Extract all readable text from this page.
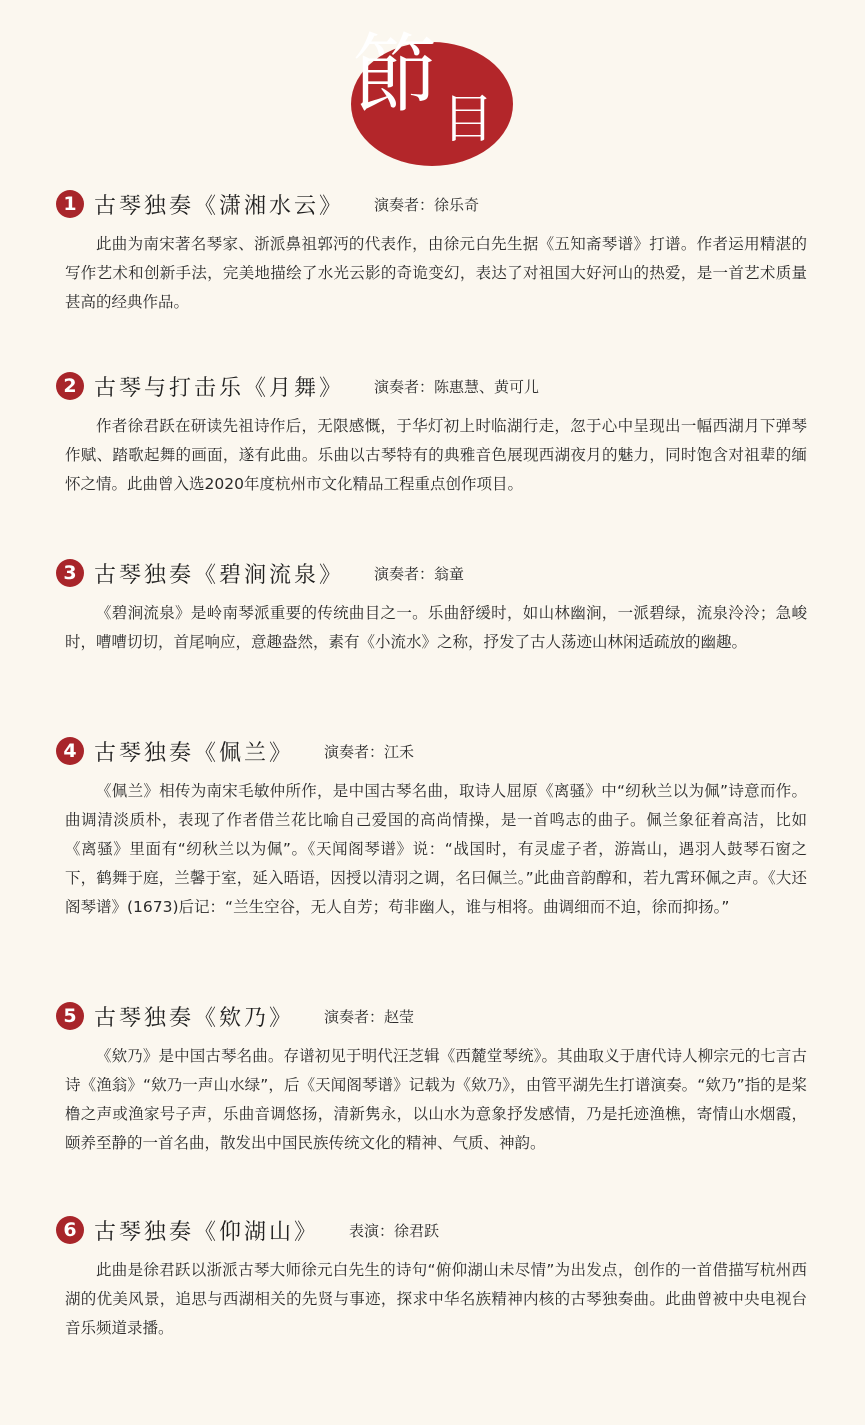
節 目
1 古琴独奏《潇湘水云》 演奏者：徐乐奇

此曲为南宋著名琴家、浙派鼻祖郭沔的代表作，由徐元白先生据《五知斋琴谱》打谱。作者运用精湛的写作艺术和创新手法，完美地描绘了水光云影的奇诡变幻，表达了对祖国大好河山的热爱，是一首艺术质量甚高的经典作品。

2 古琴与打击乐《月舞》 演奏者：陈惠慧、黄可儿

作者徐君跃在研读先祖诗作后，无限感慨，于华灯初上时临湖行走，忽于心中呈现出一幅西湖月下弹琴作赋、踏歌起舞的画面，遂有此曲。乐曲以古琴特有的典雅音色展现西湖夜月的魅力，同时饱含对祖辈的缅怀之情。此曲曾入选2020年度杭州市文化精品工程重点创作项目。

3 古琴独奏《碧涧流泉》 演奏者：翁童

《碧涧流泉》是岭南琴派重要的传统曲目之一。乐曲舒缓时，如山林幽涧，一派碧绿，流泉泠泠；急峻时，嘈嘈切切，首尾响应，意趣盎然，素有《小流水》之称，抒发了古人荡迹山林闲适疏放的幽趣。

4 古琴独奏《佩兰》 演奏者：江禾

《佩兰》相传为南宋毛敏仲所作，是中国古琴名曲，取诗人屈原《离骚》中“纫秋兰以为佩”诗意而作。曲调清淡质朴，表现了作者借兰花比喻自己爱国的高尚情操，是一首鸣志的曲子。佩兰象征着高洁，比如《离骚》里面有“纫秋兰以为佩”。《天闻阁琴谱》说：“战国时，有灵虚子者，游嵩山，遇羽人鼓琴石窗之下，鹤舞于庭，兰馨于室，延入晤语，因授以清羽之调，名曰佩兰。”此曲音韵醇和，若九霄环佩之声。《大还阁琴谱》(1673)后记：“兰生空谷，无人自芳；苟非幽人，谁与相将。曲调细而不迫，徐而抑扬。”

5 古琴独奏《欸乃》 演奏者：赵莹

《欸乃》是中国古琴名曲。存谱初见于明代汪芝辑《西麓堂琴统》。其曲取义于唐代诗人柳宗元的七言古诗《渔翁》“欸乃一声山水绿”，后《天闻阁琴谱》记载为《欸乃》，由管平湖先生打谱演奏。“欸乃”指的是桨橹之声或渔家号子声，乐曲音调悠扬，清新隽永，以山水为意象抒发感情，乃是托迹渔樵，寄情山水烟霞，颐养至静的一首名曲，散发出中国民族传统文化的精神、气质、神韵。

6 古琴独奏《仰湖山》 表演：徐君跃

此曲是徐君跃以浙派古琴大师徐元白先生的诗句“俯仰湖山未尽情”为出发点，创作的一首借描写杭州西湖的优美风景，追思与西湖相关的先贤与事迹，探求中华名族精神内核的古琴独奏曲。此曲曾被中央电视台音乐频道录播。
